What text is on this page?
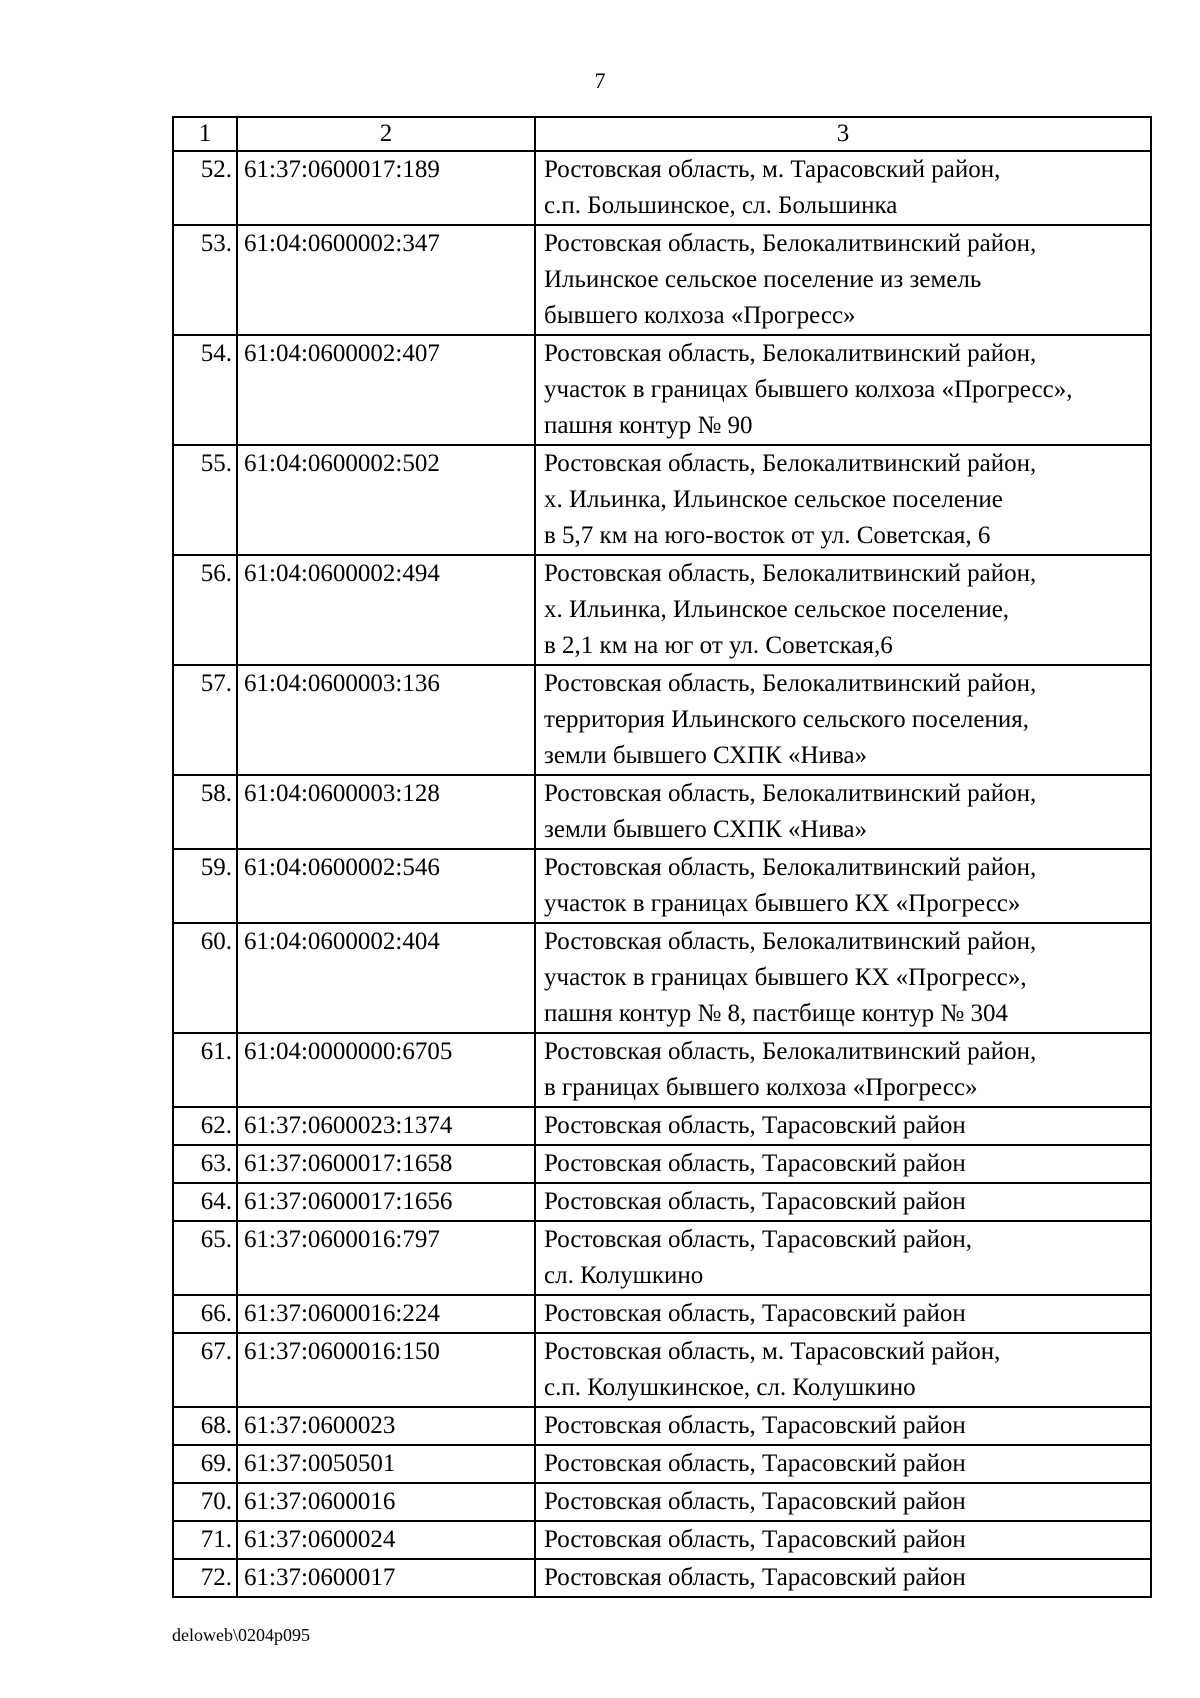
7
1	2	3
52.	61:37:0600017:189	Ростовская область, м. Тарасовский район,
с.п. Большинское, сл. Большинка

53.	61:04:0600002:347	Ростовская область, Белокалитвинский район,
Ильинское сельское поселение из земель
бывшего колхоза «Прогресс»

54.	61:04:0600002:407	Ростовская область, Белокалитвинский район,
участок в границах бывшего колхоза «Прогресс»,
пашня контур № 90

55.	61:04:0600002:502	Ростовская область, Белокалитвинский район,
х. Ильинка, Ильинское сельское поселение
в 5,7 км на юго-восток от ул. Советская, 6

56.	61:04:0600002:494	Ростовская область, Белокалитвинский район,
х. Ильинка, Ильинское сельское поселение,
в 2,1 км на юг от ул. Советская,6

57.	61:04:0600003:136	Ростовская область, Белокалитвинский район,
территория Ильинского сельского поселения,
земли бывшего СХПК «Нива»

58.	61:04:0600003:128	Ростовская область, Белокалитвинский район,
земли бывшего СХПК «Нива»

59.	61:04:0600002:546	Ростовская область, Белокалитвинский район,
участок в границах бывшего КХ «Прогресс»

60.	61:04:0600002:404	Ростовская область, Белокалитвинский район,
участок в границах бывшего КХ «Прогресс»,
пашня контур № 8, пастбище контур № 304

61.	61:04:0000000:6705	Ростовская область, Белокалитвинский район,
в границах бывшего колхоза «Прогресс»

62.	61:37:0600023:1374	Ростовская область, Тарасовский район

63.	61:37:0600017:1658	Ростовская область, Тарасовский район

64.	61:37:0600017:1656	Ростовская область, Тарасовский район

65.	61:37:0600016:797	Ростовская область, Тарасовский район,
сл. Колушкино

66.	61:37:0600016:224	Ростовская область, Тарасовский район

67.	61:37:0600016:150	Ростовская область, м. Тарасовский район,
с.п. Колушкинское, сл. Колушкино

68.	61:37:0600023	Ростовская область, Тарасовский район

69.	61:37:0050501	Ростовская область, Тарасовский район

70.	61:37:0600016	Ростовская область, Тарасовский район

71.	61:37:0600024	Ростовская область, Тарасовский район

72.	61:37:0600017	Ростовская область, Тарасовский район
deloweb\0204p095
